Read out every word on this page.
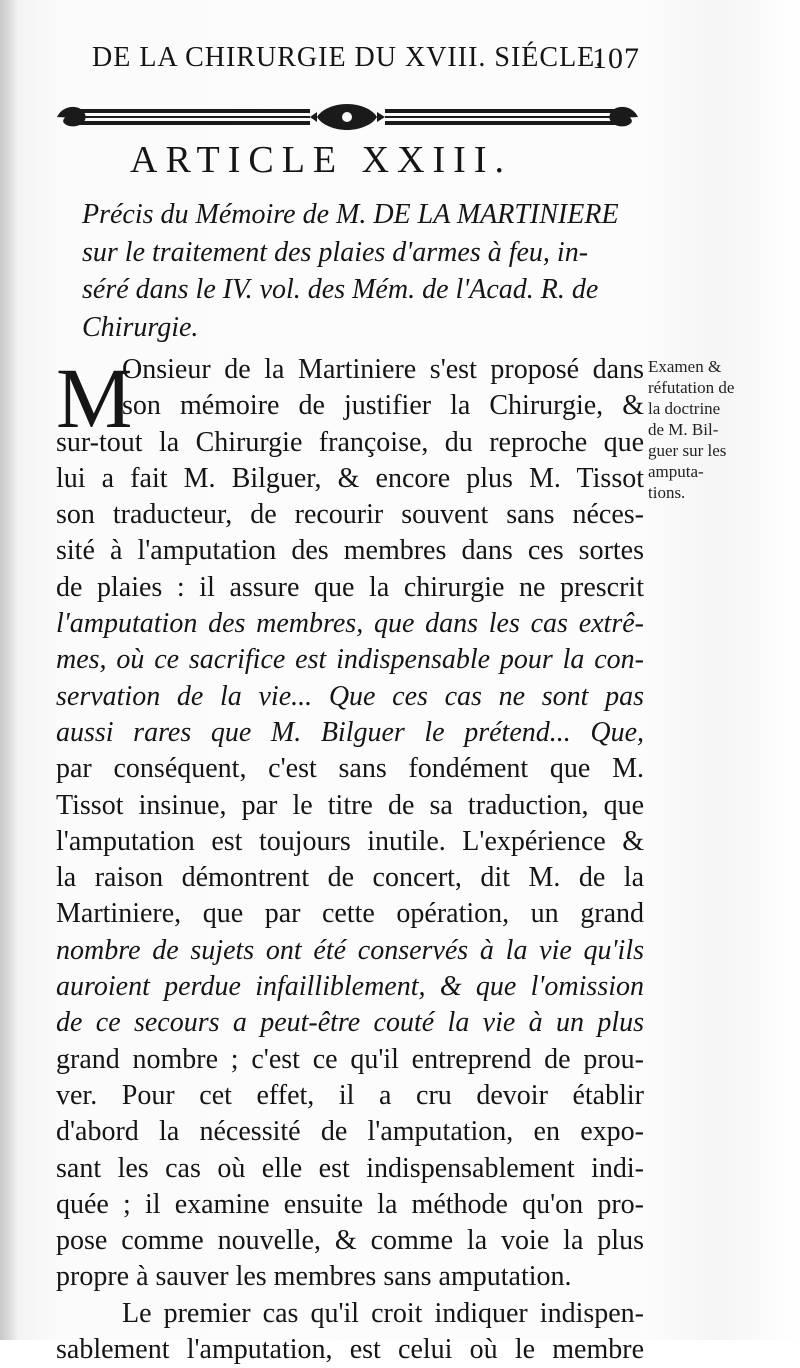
DE LA CHIRURGIE DU XVIII. SIÉCLE.
107
ARTICLE XXIII.
Précis du Mémoire de M. DE LA MARTINIERE
sur le traitement des plaies d'armes à feu, in-
séré dans le IV. vol. des Mém. de l'Acad. R. de
Chirurgie.
M
Onsieur de la Martiniere s'est proposé dans
son mémoire de justifier la Chirurgie, &
sur-tout la Chirurgie françoise, du reproche que
lui a fait M. Bilguer, & encore plus M. Tissot
son traducteur, de recourir souvent sans néces-
sité à l'amputation des membres dans ces sortes
de plaies : il assure que la chirurgie ne prescrit
l'amputation des membres, que dans les cas extrê-
mes, où ce sacrifice est indispensable pour la con-
servation de la vie... Que ces cas ne sont pas
aussi rares que M. Bilguer le prétend... Que,
par conséquent, c'est sans fondément que M.
Tissot insinue, par le titre de sa traduction, que
l'amputation est toujours inutile. L'expérience &
la raison démontrent de concert, dit M. de la
Martiniere, que par cette opération, un grand
nombre de sujets ont été conservés à la vie qu'ils
auroient perdue infailliblement, & que l'omission
de ce secours a peut-être couté la vie à un plus
grand nombre ; c'est ce qu'il entreprend de prou-
ver. Pour cet effet, il a cru devoir établir
d'abord la nécessité de l'amputation, en expo-
sant les cas où elle est indispensablement indi-
quée ; il examine ensuite la méthode qu'on pro-
pose comme nouvelle, & comme la voie la plus
propre à sauver les membres sans amputation.
Le premier cas qu'il croit indiquer indispen-
sablement l'amputation, est celui où le membre
Examen &
réfutation de
la doctrine
de M. Bil-
guer sur les
amputa-
tions.
